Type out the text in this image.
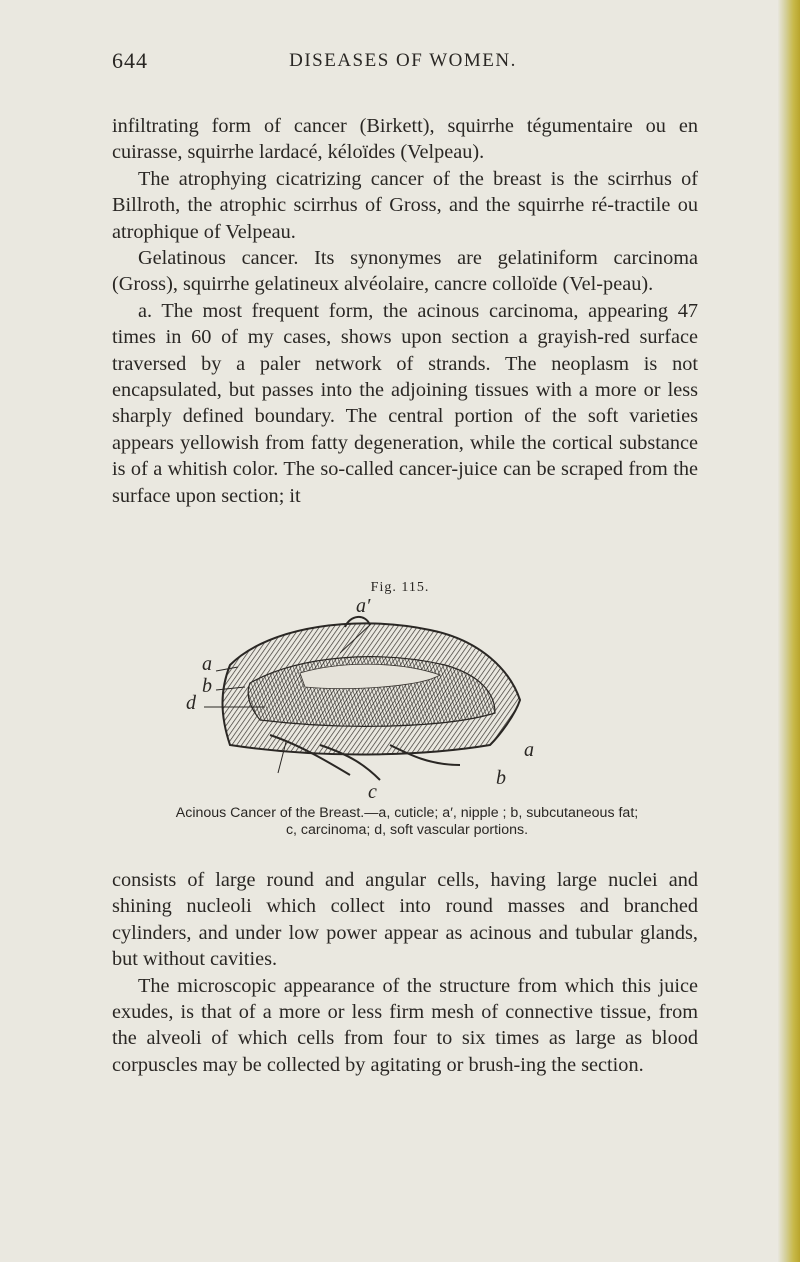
644	DISEASES OF WOMEN.

infiltrating form of cancer (Birkett), squirrhe tégumentaire ou en cuirasse, squirrhe lardacé, kéloïdes (Velpeau).

The atrophying cicatrizing cancer of the breast is the scirrhus of Billroth, the atrophic scirrhus of Gross, and the squirrhe ré-tractile ou atrophique of Velpeau.

Gelatinous cancer. Its synonymes are gelatiniform carcinoma (Gross), squirrhe gelatineux alvéolaire, cancre colloïde (Vel-peau).

a. The most frequent form, the acinous carcinoma, appearing 47 times in 60 of my cases, shows upon section a grayish-red surface traversed by a paler network of strands. The neoplasm is not encapsulated, but passes into the adjoining tissues with a more or less sharply defined boundary. The central portion of the soft varieties appears yellowish from fatty degeneration, while the cortical substance is of a whitish color. The so-called cancer-juice can be scraped from the surface upon section; it

Fig. 115.
a′
a
b
d
a
b
c
Acinous Cancer of the Breast.—a, cuticle; a′, nipple ; b, subcutaneous fat;
c, carcinoma; d, soft vascular portions.

consists of large round and angular cells, having large nuclei and shining nucleoli which collect into round masses and branched cylinders, and under low power appear as acinous and tubular glands, but without cavities.

The microscopic appearance of the structure from which this juice exudes, is that of a more or less firm mesh of connective tissue, from the alveoli of which cells from four to six times as large as blood corpuscles may be collected by agitating or brush-ing the section.
